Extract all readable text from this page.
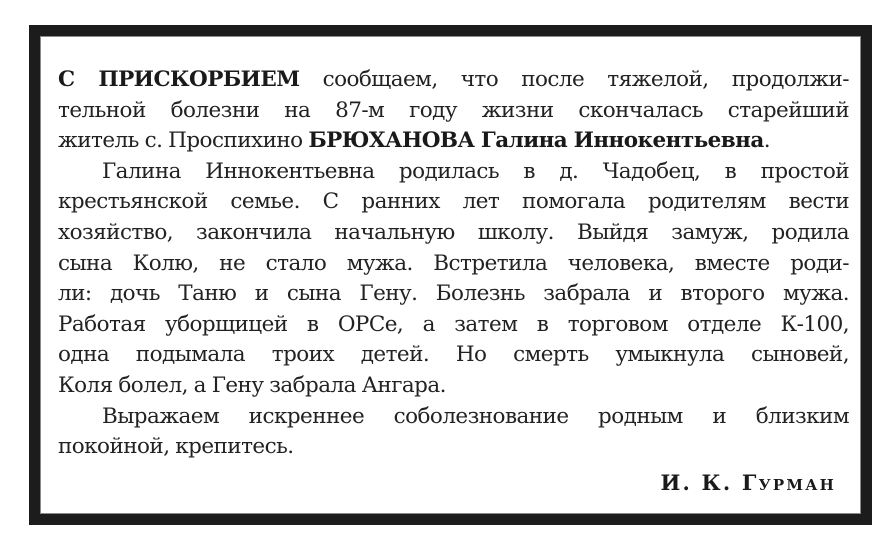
С ПРИСКОРБИЕМ сообщаем, что после тяжелой, продолжи-
тельной болезни на 87-м году жизни скончалась старейший
житель с. Проспихино БРЮХАНОВА Галина Иннокентьевна.
Галина Иннокентьевна родилась в д. Чадобец, в простой
крестьянской семье. С ранних лет помогала родителям вести
хозяйство, закончила начальную школу. Выйдя замуж, родила
сына Колю, не стало мужа. Встретила человека, вместе роди-
ли: дочь Таню и сына Гену. Болезнь забрала и второго мужа.
Работая уборщицей в ОРСе, а затем в торговом отделе К-100,
одна подымала троих детей. Но смерть умыкнула сыновей,
Коля болел, а Гену забрала Ангара.
Выражаем искреннее соболезнование родным и близким
покойной, крепитесь.
И. К. Гурман
